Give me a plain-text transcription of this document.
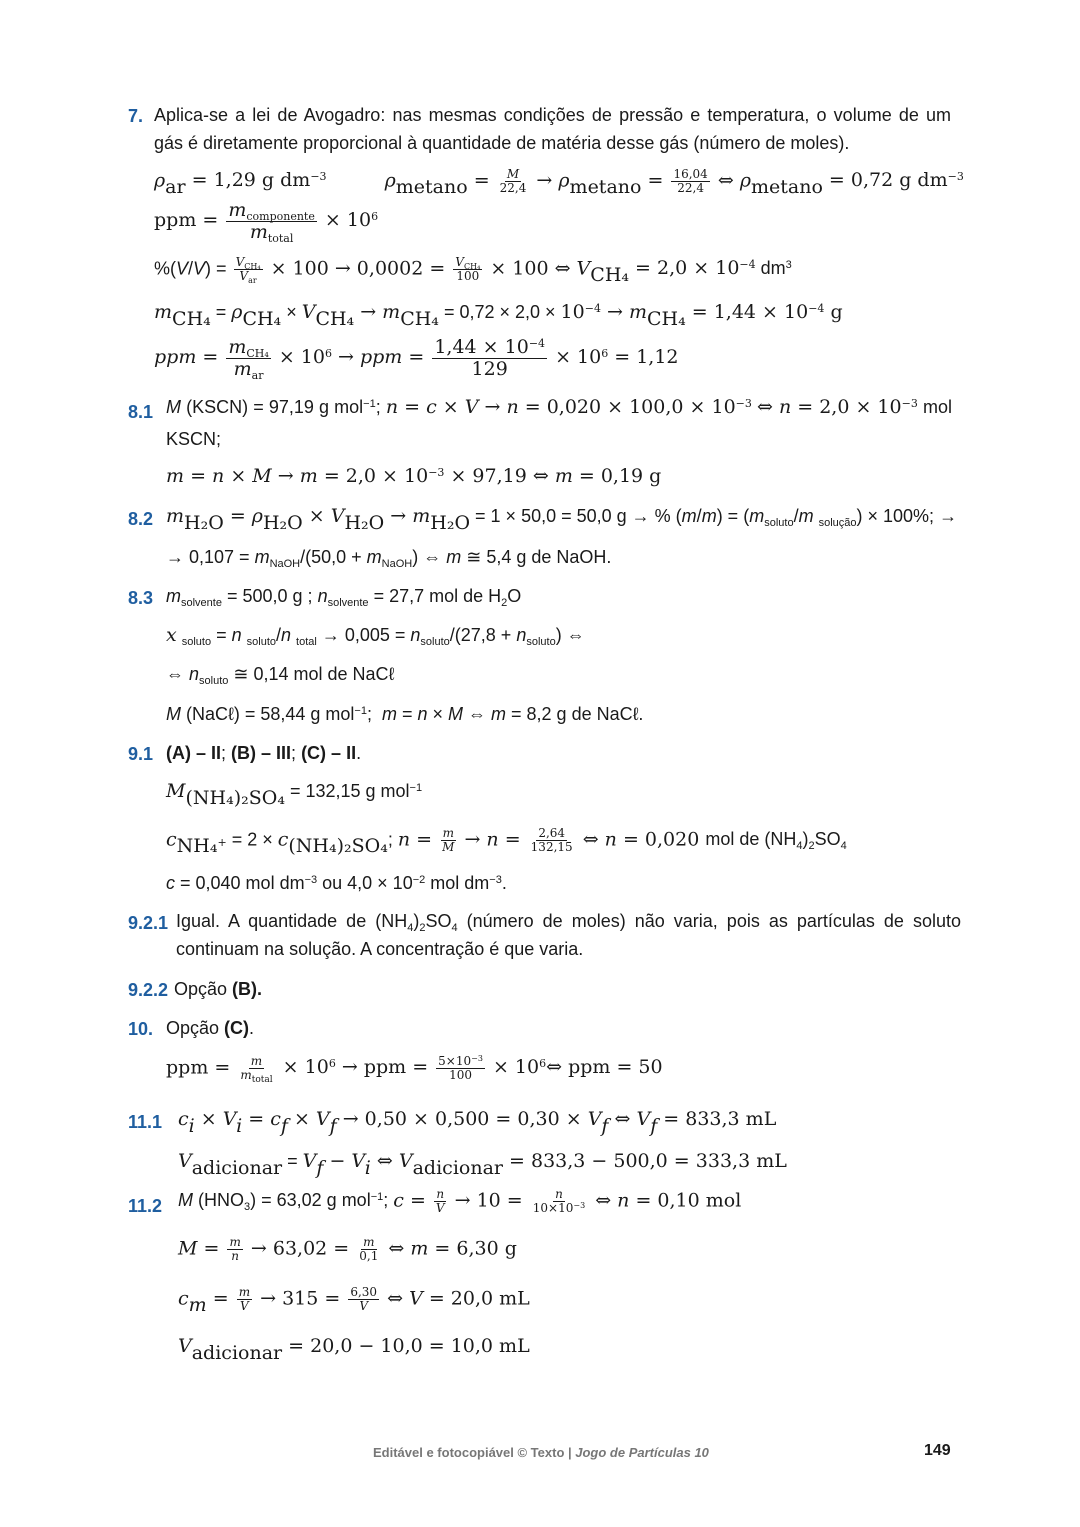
7. Aplica-se a lei de Avogadro: nas mesmas condições de pressão e temperatura, o volume de um gás é diretamente proporcional à quantidade de matéria desse gás (número de moles).
$\rho_{ar} = 1,29$ g $dm^{-3}$	$\rho_{metano} = \frac{M}{22,4} \to \rho_{metano} = \frac{16,04}{22,4}$ ⇔ $\rho_{metano} = 0,72$ g $dm^{-3}$
ppm = $\frac{m_{componente}}{m_{total}} \times 10^6$
$\%(V/V) = \frac{V_{CH_4}}{V_{ar}} \times 100 \to 0,0002 = \frac{V_{CH_4}}{100} \times 100$ ⇔ $V_{CH_4} = 2,0 \times 10^{-4}$ $dm^3$
$m_{CH_4} = \rho_{CH_4} \times V_{CH_4} \to m_{CH_4} = 0,72 \times 2,0 \times 10^{-4} \to m_{CH_4} = 1,44 \times 10^{-4}$ g
ppm = $\frac{m_{CH_4}}{m_{ar}} \times 10^6$ → ppm = $\frac{1,44 \times 10^{-4}}{129} \times 10^6 = 1,12$
8.1 M (KSCN) = 97,19 g mol$^{-1}$; $n = c \times V \to n = 0,020 \times 100,0 \times 10^{-3}$ ⇔ $n = 2,0 \times 10^{-3}$ mol
KSCN;
$m = n \times M \to m = 2,0 \times 10^{-3} \times 97,19$ ⇔ m = 0,19 g
8.2 $m_{H_2O} = \rho_{H_2O} \times V_{H_2O} \to m_{H_2O} = 1 \times 50,0 = 50,0$ g → % $(m/m) = (m_{soluto}/m$ $_{solução}$) × 100%; →
→ $0,107 = m_{NaOH}/(50,0 + m_{NaOH})$ ⇔ m ≅ 5,4 g de NaOH.
8.3 $m_{solvente} = 500,0$ g ; $n_{solvente} = 27,7$ mol de $H_2O$
x $_{soluto}$ = n $_{soluto}$/n $_{total} \to 0,005 = n_{soluto}/(27,8 + n_{soluto})$ ⇔
⇔ $n_{soluto}$ ≅ 0,14 mol de NaCℓ
M (NaCℓ) = 58,44 g mol$^{-1}$;  m = n × M ⇔ m = 8,2 g de NaCℓ.
9.1 (A) – II; (B) – III; (C) – II.
$M_{(NH_4)_2SO_4} = 132,15$ g mol$^{-1}$
$c_{NH_4^+} = 2 \times c_{(NH_4)_2SO_4}$; $n = \frac{m}{M} \to n = \frac{2,64}{132,15}$ ⇔ n = 0,020 mol de $(NH_4)_2SO_4$
c = 0,040 mol $dm^{-3}$ ou $4,0 \times 10^{-2}$ mol $dm^{-3}$.
9.2.1 Igual. A quantidade de $(NH_4)_2SO_4$ (número de moles) não varia, pois as partículas de soluto continuam na solução. A concentração é que varia.
9.2.2 Opção (B).
10. Opção (C).
ppm = $\frac{m}{m_{total}} \times 10^6$ → ppm = $\frac{5\times 10^{-3}}{100}$ × $10^6\Leftrightarrow$ ppm = 50
11.1 $c_i \times V_i = c_f \times V_f \to 0,50 \times 0,500 = 0,30 \times V_f$ ⇔ $V_f = 833,3$ mL
$V_{adicionar} = V_f - V_i$ ⇔ $V_{adicionar} = 833,3 - 500,0 = 333,3$ mL
11.2 M $(HNO_3) = 63,02$ g mol$^{-1}$; $c = \frac{n}{V} \to 10 = \frac{n}{10\times 10^{-3}}$ ⇔ n = 0,10 mol
$M = \frac{m}{n} \to 63,02 = \frac{m}{0,1}$ ⇔ m = 6,30 g
$c_m = \frac{m}{V} \to 315 = \frac{6,30}{V}$ ⇔ V = 20,0 mL
$V_{adicionar} = 20,0 - 10,0 = 10,0$ mL
Editável e fotocopiável © Texto | Jogo de Partículas 10	149
